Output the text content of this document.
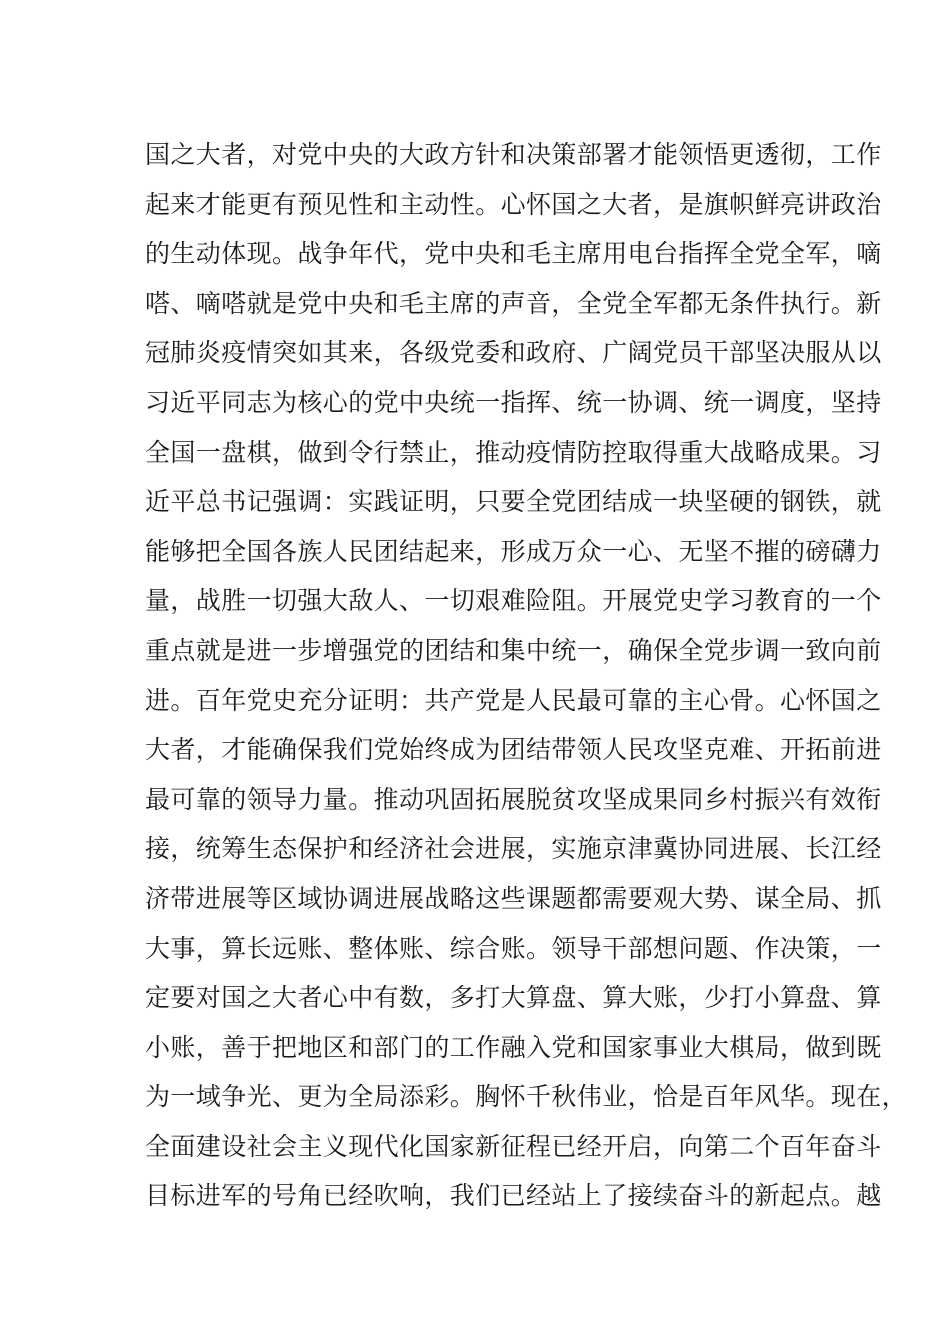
国之大者，对党中央的大政方针和决策部署才能领悟更透彻，工作
起来才能更有预见性和主动性。心怀国之大者，是旗帜鲜亮讲政治
的生动体现。战争年代，党中央和毛主席用电台指挥全党全军，嘀
嗒、嘀嗒就是党中央和毛主席的声音，全党全军都无条件执行。新
冠肺炎疫情突如其来，各级党委和政府、广阔党员干部坚决服从以
习近平同志为核心的党中央统一指挥、统一协调、统一调度，坚持
全国一盘棋，做到令行禁止，推动疫情防控取得重大战略成果。习
近平总书记强调：实践证明，只要全党团结成一块坚硬的钢铁，就
能够把全国各族人民团结起来，形成万众一心、无坚不摧的磅礴力
量，战胜一切强大敌人、一切艰难险阻。开展党史学习教育的一个
重点就是进一步增强党的团结和集中统一，确保全党步调一致向前
进。百年党史充分证明：共产党是人民最可靠的主心骨。心怀国之
大者，才能确保我们党始终成为团结带领人民攻坚克难、开拓前进
最可靠的领导力量。推动巩固拓展脱贫攻坚成果同乡村振兴有效衔
接，统筹生态保护和经济社会进展，实施京津冀协同进展、长江经
济带进展等区域协调进展战略这些课题都需要观大势、谋全局、抓
大事，算长远账、整体账、综合账。领导干部想问题、作决策，一
定要对国之大者心中有数，多打大算盘、算大账，少打小算盘、算
小账，善于把地区和部门的工作融入党和国家事业大棋局，做到既
为一域争光、更为全局添彩。胸怀千秋伟业，恰是百年风华。现在，
全面建设社会主义现代化国家新征程已经开启，向第二个百年奋斗
目标进军的号角已经吹响，我们已经站上了接续奋斗的新起点。越
